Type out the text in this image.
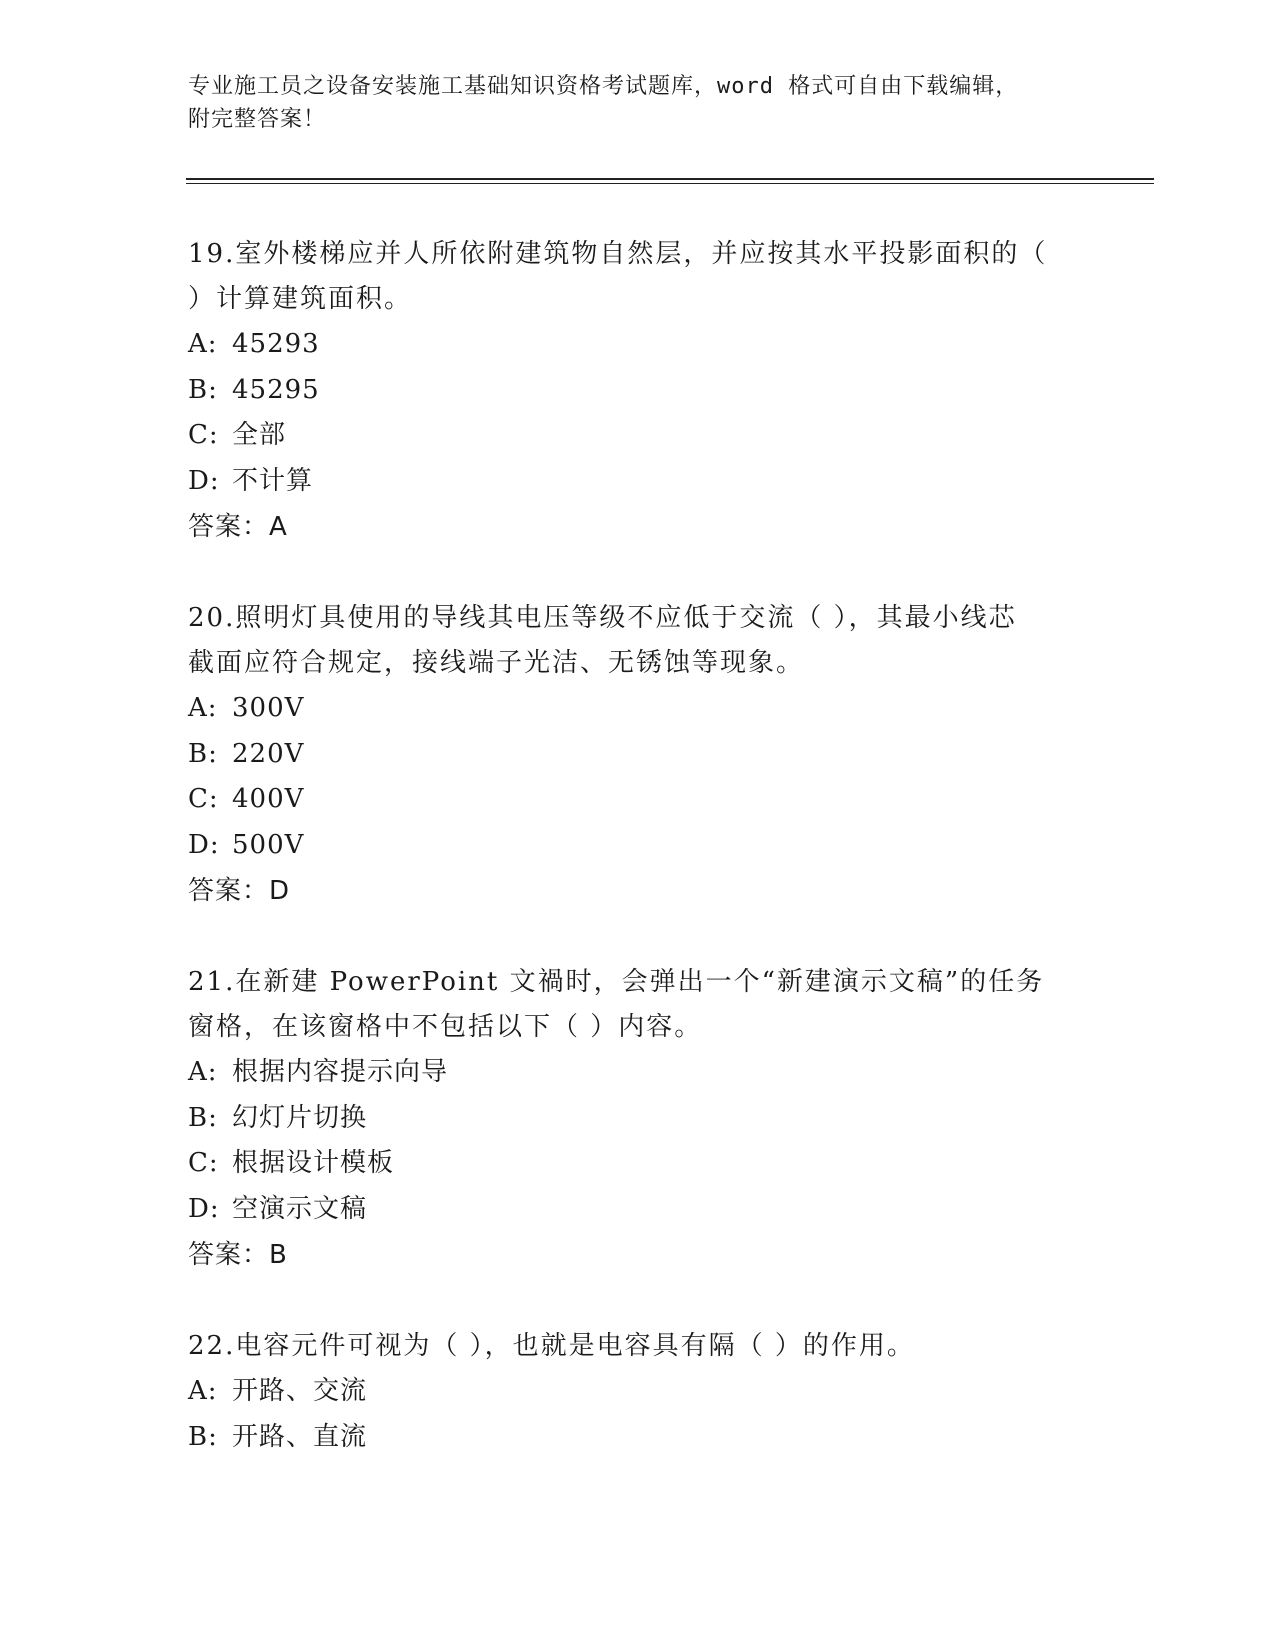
专业施工员之设备安装施工基础知识资格考试题库，word 格式可自由下载编辑，
附完整答案！
19.室外楼梯应并人所依附建筑物自然层，并应按其水平投影面积的（
）计算建筑面积。
A: 45293
B: 45295
C: 全部
D: 不计算
答案：A
20.照明灯具使用的导线其电压等级不应低于交流（ ），其最小线芯
截面应符合规定，接线端子光洁、无锈蚀等现象。
A: 300V
B: 220V
C: 400V
D: 500V
答案：D
21.在新建 PowerPoint 文禍时，会弹出一个“新建演示文稿”的任务
窗格，在该窗格中不包括以下（ ）内容。
A: 根据内容提示向导
B: 幻灯片切换
C: 根据设计模板
D: 空演示文稿
答案：B
22.电容元件可视为（ ），也就是电容具有隔（ ）的作用。
A: 开路、交流
B: 开路、直流
